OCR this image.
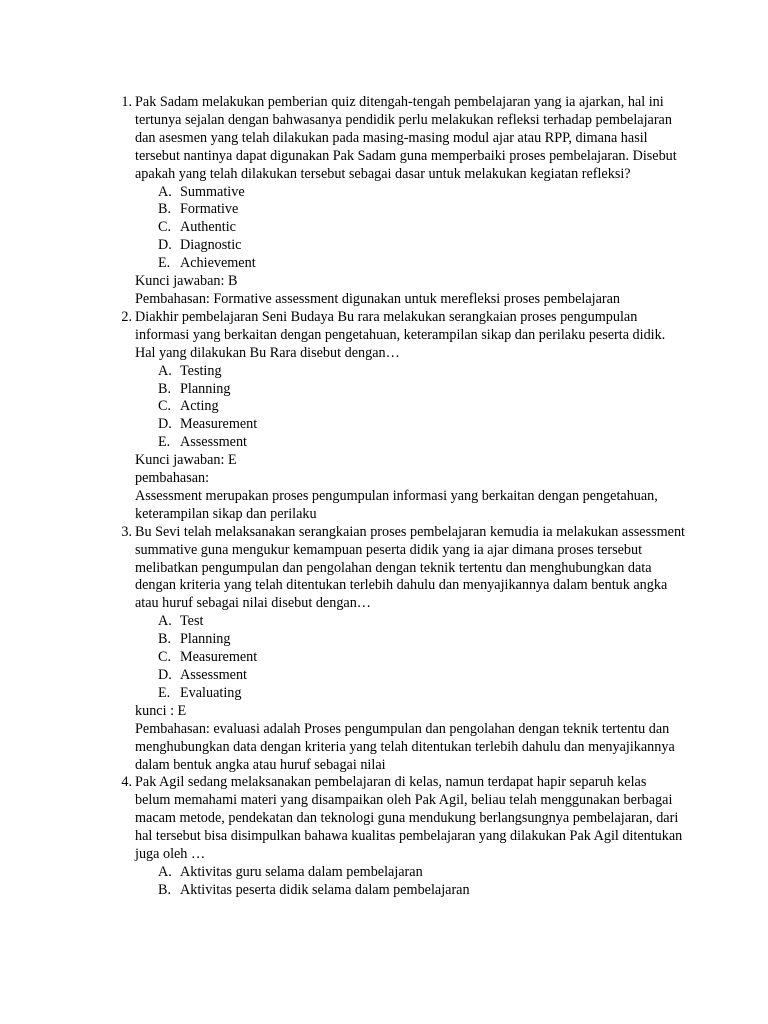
1. Pak Sadam melakukan pemberian quiz ditengah-tengah pembelajaran yang ia ajarkan, hal ini tertunya sejalan dengan bahwasanya pendidik perlu melakukan refleksi terhadap pembelajaran dan asesmen yang telah dilakukan pada masing-masing modul ajar atau RPP, dimana hasil tersebut nantinya dapat digunakan Pak Sadam guna memperbaiki proses pembelajaran. Disebut apakah yang telah dilakukan tersebut sebagai dasar untuk melakukan kegiatan refleksi?
A. Summative
B. Formative
C. Authentic
D. Diagnostic
E. Achievement
Kunci jawaban: B
Pembahasan: Formative assessment digunakan untuk merefleksi proses pembelajaran
2. Diakhir pembelajaran Seni Budaya Bu rara melakukan serangkaian proses pengumpulan informasi yang berkaitan dengan pengetahuan, keterampilan sikap dan perilaku peserta didik. Hal yang dilakukan Bu Rara disebut dengan…
A. Testing
B. Planning
C. Acting
D. Measurement
E. Assessment
Kunci jawaban: E
pembahasan:
Assessment merupakan proses pengumpulan informasi yang berkaitan dengan pengetahuan, keterampilan sikap dan perilaku
3. Bu Sevi telah melaksanakan serangkaian proses pembelajaran kemudia ia melakukan assessment summative guna mengukur kemampuan peserta didik yang ia ajar dimana proses tersebut melibatkan pengumpulan dan pengolahan dengan teknik tertentu dan menghubungkan data dengan kriteria yang telah ditentukan terlebih dahulu dan menyajikannya dalam bentuk angka atau huruf sebagai nilai disebut dengan…
A. Test
B. Planning
C. Measurement
D. Assessment
E. Evaluating
kunci : E
Pembahasan: evaluasi adalah Proses pengumpulan dan pengolahan dengan teknik tertentu dan menghubungkan data dengan kriteria yang telah ditentukan terlebih dahulu dan menyajikannya dalam bentuk angka atau huruf sebagai nilai
4. Pak Agil sedang melaksanakan pembelajaran di kelas, namun terdapat hapir separuh kelas belum memahami materi yang disampaikan oleh Pak Agil, beliau telah menggunakan berbagai macam metode, pendekatan dan teknologi guna mendukung berlangsungnya pembelajaran, dari hal tersebut bisa disimpulkan bahawa kualitas pembelajaran yang dilakukan Pak Agil ditentukan juga oleh …
A. Aktivitas guru selama dalam pembelajaran
B. Aktivitas peserta didik selama dalam pembelajaran
